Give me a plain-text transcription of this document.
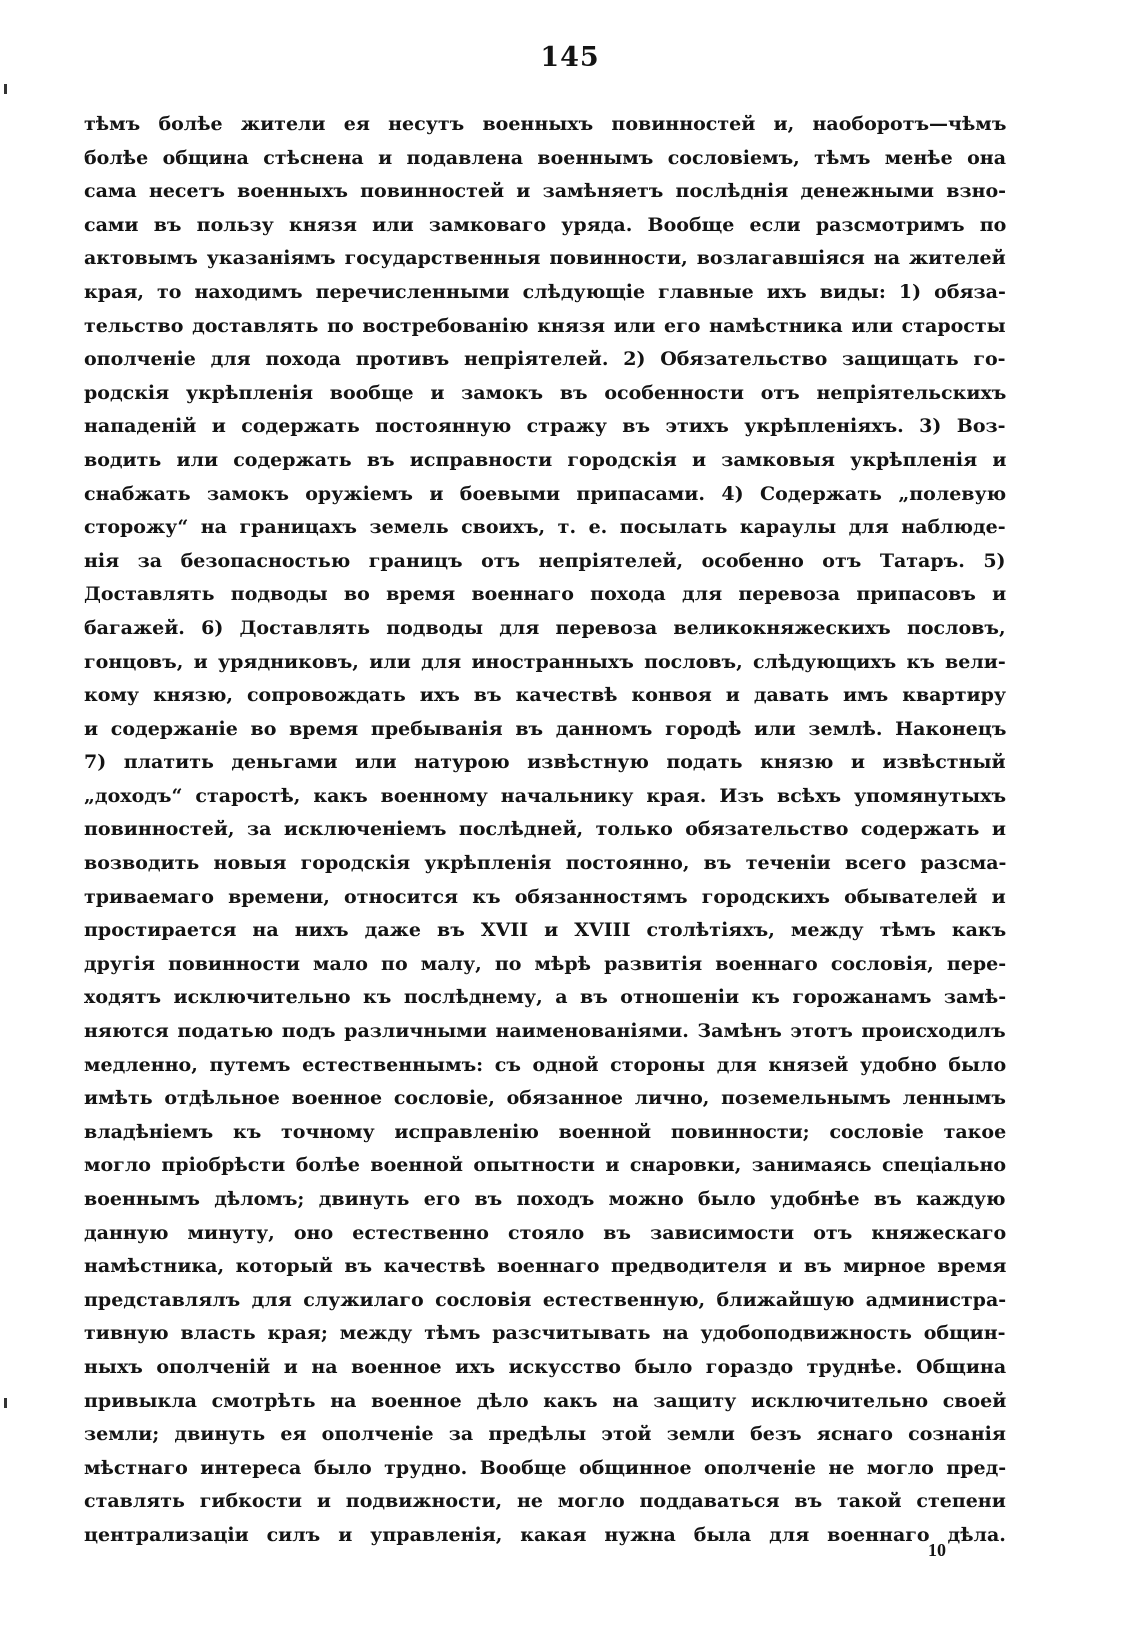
145
тѣмъ болѣе жители ея несутъ военныхъ повинностей и, наоборотъ—чѣмъ
болѣе община стѣснена и подавлена военнымъ сословіемъ, тѣмъ менѣе она
сама несетъ военныхъ повинностей и замѣняетъ послѣднія денежными взно-
сами въ пользу князя или замковаго уряда. Вообще если разсмотримъ по
актовымъ указаніямъ государственныя повинности, возлагавшіяся на жителей
края, то находимъ перечисленными слѣдующіе главные ихъ виды: 1) обяза-
тельство доставлять по востребованію князя или его намѣстника или старосты
ополченіе для похода противъ непріятелей. 2) Обязательство защищать го-
родскія укрѣпленія вообще и замокъ въ особенности отъ непріятельскихъ
нападеній и содержать постоянную стражу въ этихъ укрѣпленіяхъ. 3) Воз-
водить или содержать въ исправности городскія и замковыя укрѣпленія и
снабжать замокъ оружіемъ и боевыми припасами. 4) Содержать „полевую
сторожу“ на границахъ земель своихъ, т. е. посылать караулы для наблюде-
нія за безопасностью границъ отъ непріятелей, особенно отъ Татаръ. 5)
Доставлять подводы во время военнаго похода для перевоза припасовъ и
багажей. 6) Доставлять подводы для перевоза великокняжескихъ пословъ,
гонцовъ, и урядниковъ, или для иностранныхъ пословъ, слѣдующихъ къ вели-
кому князю, сопровождать ихъ въ качествѣ конвоя и давать имъ квартиру
и содержаніе во время пребыванія въ данномъ городѣ или землѣ. Наконецъ
7) платить деньгами или натурою извѣстную подать князю и извѣстный
„доходъ“ старостѣ, какъ военному начальнику края. Изъ всѣхъ упомянутыхъ
повинностей, за исключеніемъ послѣдней, только обязательство содержать и
возводить новыя городскія укрѣпленія постоянно, въ теченіи всего разсма-
триваемаго времени, относится къ обязанностямъ городскихъ обывателей и
простирается на нихъ даже въ XVII и XVIII столѣтіяхъ, между тѣмъ какъ
другія повинности мало по малу, по мѣрѣ развитія военнаго сословія, пере-
ходятъ исключительно къ послѣднему, а въ отношеніи къ горожанамъ замѣ-
няются податью подъ различными наименованіями. Замѣнъ этотъ происходилъ
медленно, путемъ естественнымъ: съ одной стороны для князей удобно было
имѣть отдѣльное военное сословіе, обязанное лично, поземельнымъ леннымъ
владѣніемъ къ точному исправленію военной повинности; сословіе такое
могло пріобрѣсти болѣе военной опытности и снаровки, занимаясь спеціально
военнымъ дѣломъ; двинуть его въ походъ можно было удобнѣе въ каждую
данную минуту, оно естественно стояло въ зависимости отъ княжескаго
намѣстника, который въ качествѣ военнаго предводителя и въ мирное время
представлялъ для служилаго сословія естественную, ближайшую администра-
тивную власть края; между тѣмъ разсчитывать на удобоподвижность общин-
ныхъ ополченій и на военное ихъ искусство было гораздо труднѣе. Община
привыкла смотрѣть на военное дѣло какъ на защиту исключительно своей
земли; двинуть ея ополченіе за предѣлы этой земли безъ яснаго сознанія
мѣстнаго интереса было трудно. Вообще общинное ополченіе не могло пред-
ставлять гибкости и подвижности, не могло поддаваться въ такой степени
централизаціи силъ и управленія, какая нужна была для военнаго дѣла.
10
